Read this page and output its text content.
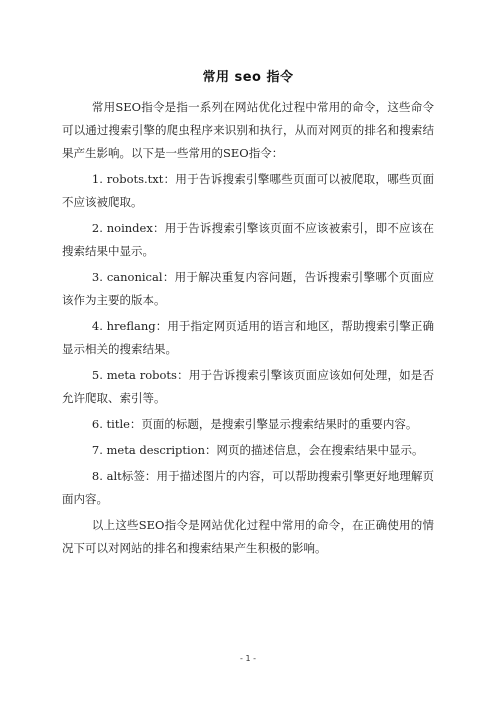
常用 seo 指令

常用SEO指令是指一系列在网站优化过程中常用的命令，这些命令可以通过搜索引擎的爬虫程序来识别和执行，从而对网页的排名和搜索结果产生影响。以下是一些常用的SEO指令：

1. robots.txt：用于告诉搜索引擎哪些页面可以被爬取，哪些页面不应该被爬取。

2. noindex：用于告诉搜索引擎该页面不应该被索引，即不应该在搜索结果中显示。

3. canonical：用于解决重复内容问题，告诉搜索引擎哪个页面应该作为主要的版本。

4. hreflang：用于指定网页适用的语言和地区，帮助搜索引擎正确显示相关的搜索结果。

5. meta robots：用于告诉搜索引擎该页面应该如何处理，如是否允许爬取、索引等。

6. title：页面的标题，是搜索引擎显示搜索结果时的重要内容。

7. meta description：网页的描述信息，会在搜索结果中显示。

8. alt标签：用于描述图片的内容，可以帮助搜索引擎更好地理解页面内容。

以上这些SEO指令是网站优化过程中常用的命令，在正确使用的情况下可以对网站的排名和搜索结果产生积极的影响。

- 1 -
